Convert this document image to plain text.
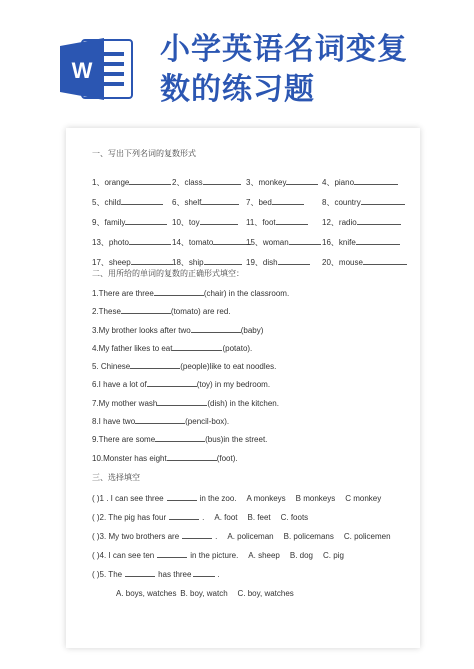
W
小学英语名词变复
数的练习题
一、写出下列名词的复数形式
1、orange	2、class	3、monkey	4、piano
5、child	6、shelf	7、bed	8、country
9、family	10、toy	11、foot	12、radio
13、photo	14、tomato	15、woman	16、knife
17、sheep	18、ship	19、dish	20、mouse
二、用所给的单词的复数的正确形式填空：
1.There are three	(chair) in the classroom.
2.These	(tomato) are red.
3.My brother looks after two	(baby)
4.My father likes to eat	(potato).
5. Chinese	(people)like to eat noodles.
6.I have a lot of	(toy) in my bedroom.
7.My mother wash	(dish) in the kitchen.
8.I have two	(pencil-box).
9.There are some	(bus)in the street.
10.Monster has eight	(foot).
三、选择填空
( )1 . I can see three	in the zoo. A monkeys B monkeys C monkey
( )2. The pig has four	. A. foot B. feet C. foots
( )3. My two brothers are	. A. policeman B. policemans C. policemen
( )4. I can see ten	in the picture. A. sheep B. dog C. pig
( )5. The	has three	.
A. boys, watches B. boy, watch C. boy, watches
